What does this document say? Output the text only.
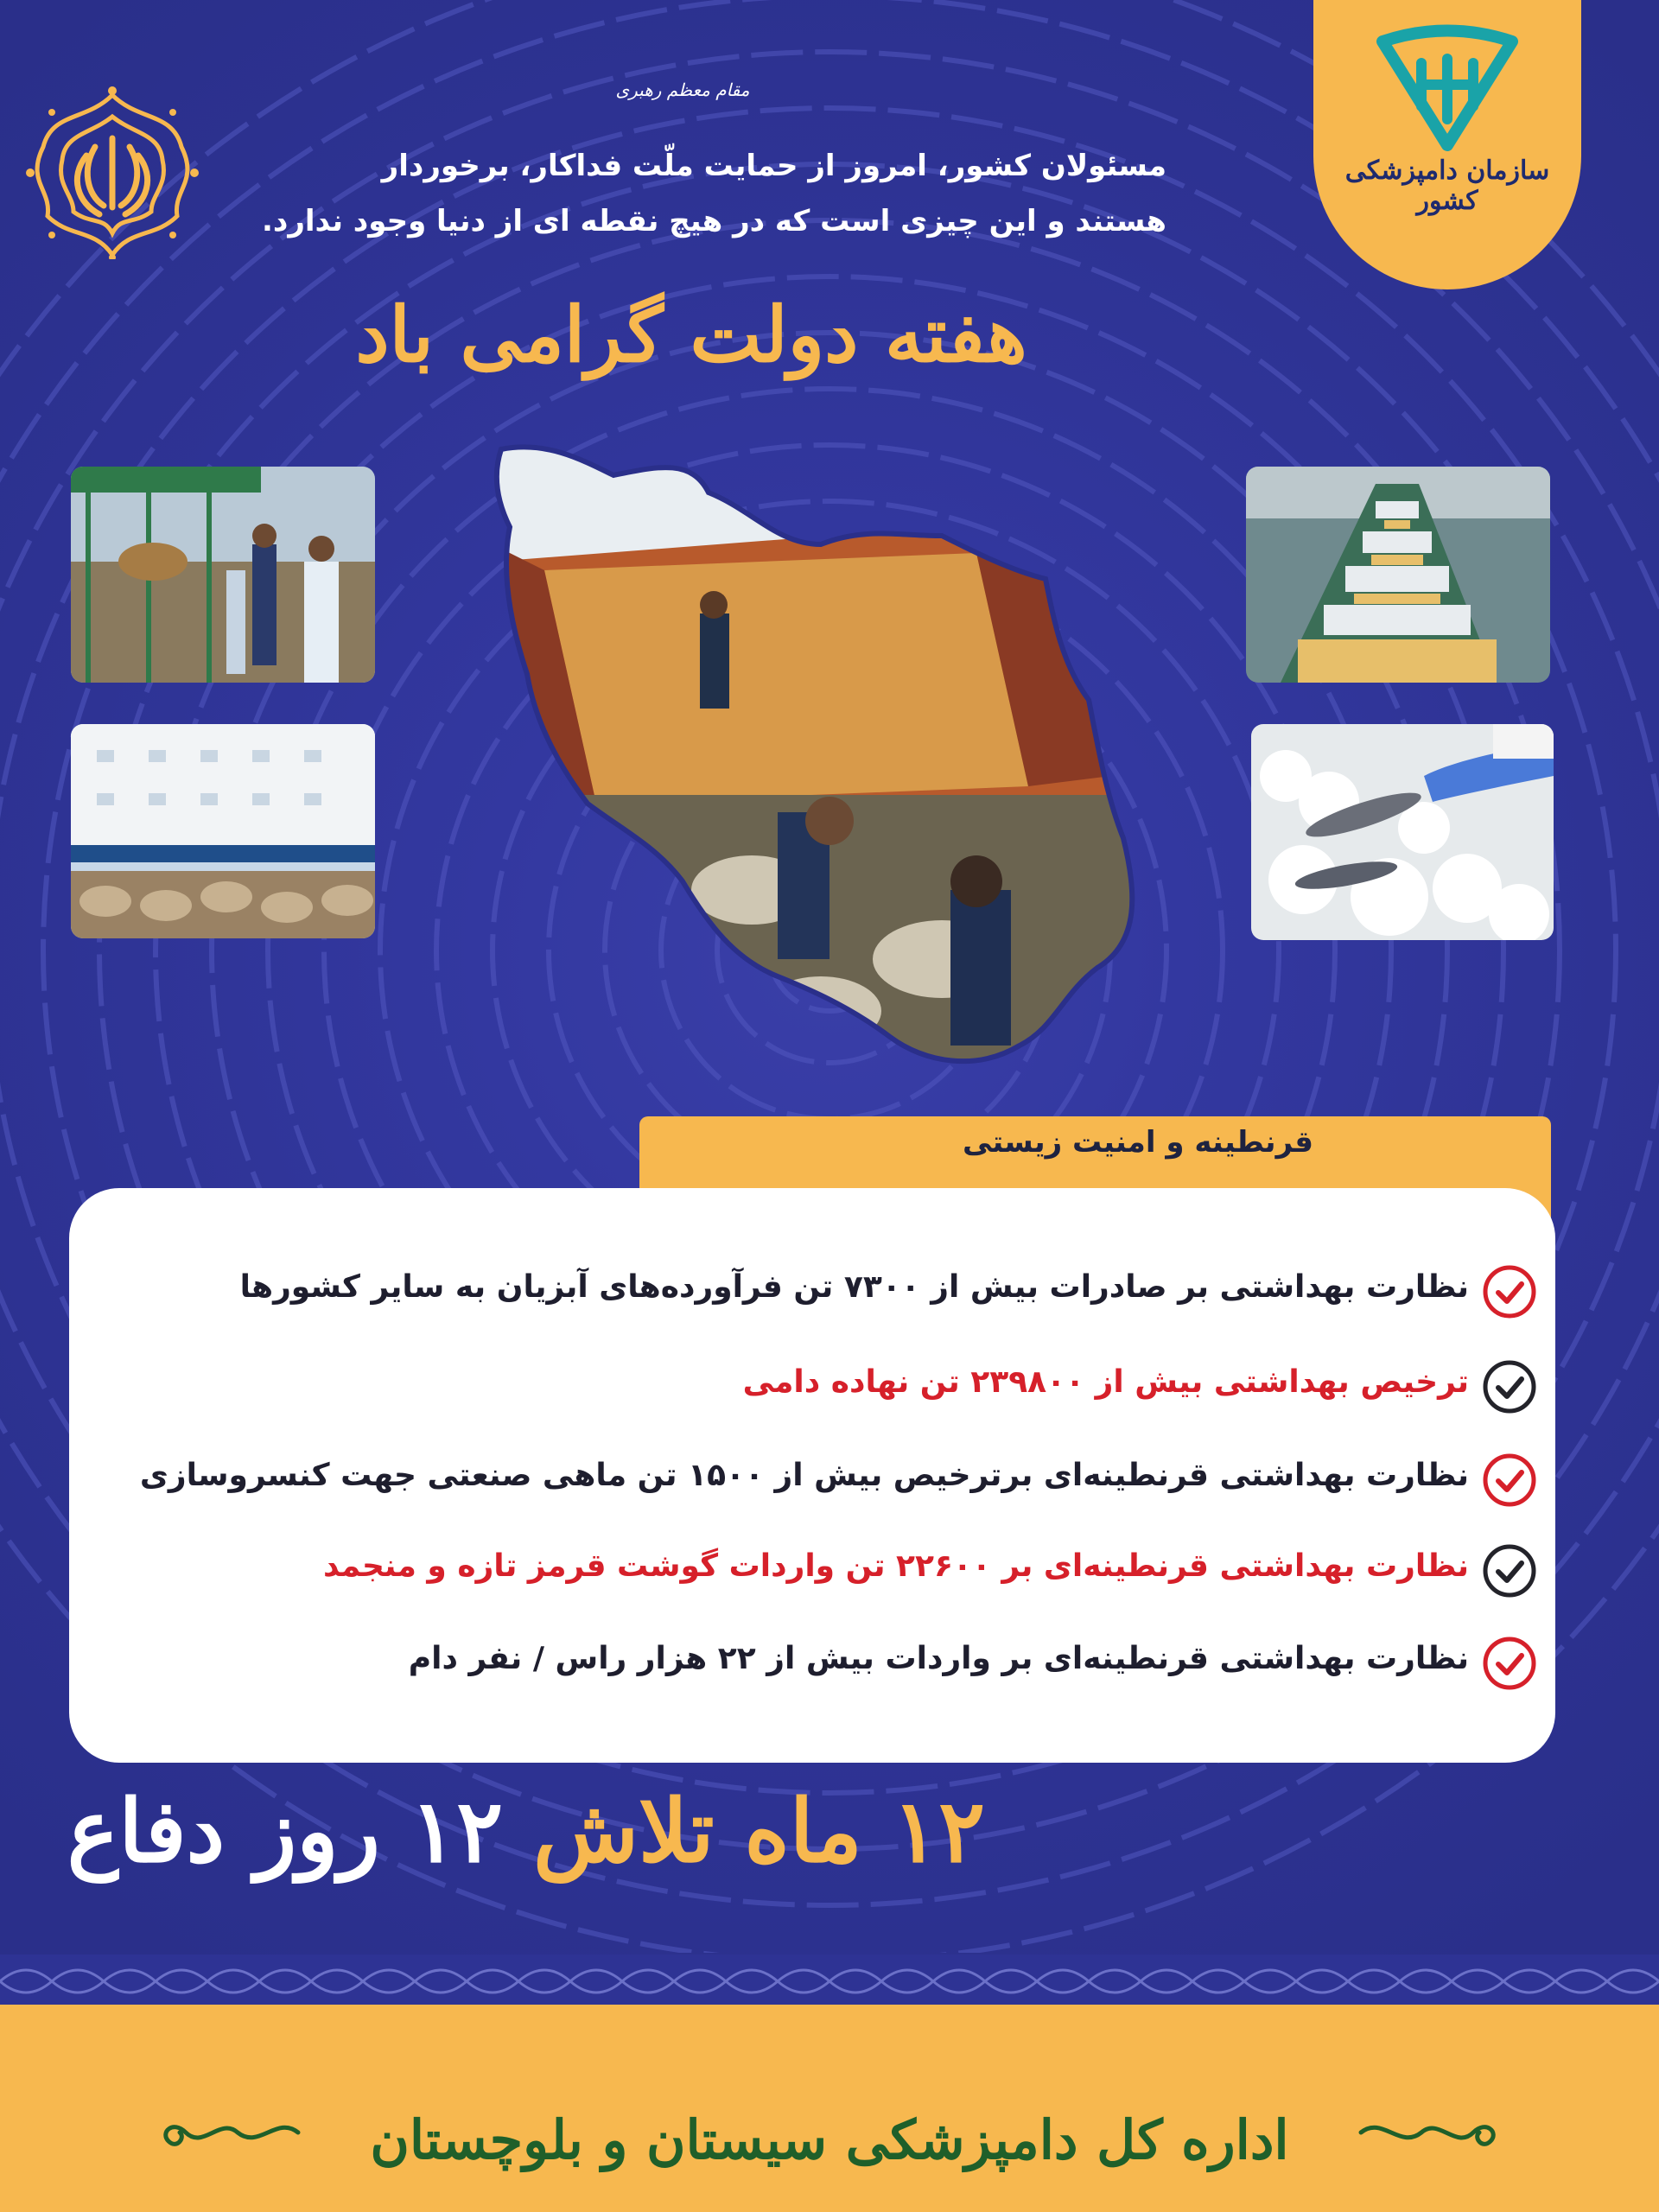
سازمان دامپزشکی کشور
مقام معظم رهبری
مسئولان کشور، امروز از حمایت ملّت فداکار، برخوردار
هستند و این چیزی است که در هیچ نقطه ای از دنیا وجود ندارد.
هفته دولت گرامی باد
قرنطینه و امنیت زیستی
نظارت بهداشتی بر صادرات بیش از ۷۳۰۰ تن فرآورده‌های آبزیان به سایر کشورها
ترخیص بهداشتی بیش از ۲۳۹۸۰۰ تن نهاده دامی
نظارت بهداشتی قرنطینه‌ای برترخیص بیش از ۱۵۰۰ تن ماهی صنعتی جهت کنسروسازی
نظارت بهداشتی قرنطینه‌ای بر ۲۲۶۰۰ تن واردات گوشت قرمز تازه و منجمد
نظارت بهداشتی قرنطینه‌ای بر واردات بیش از ۲۲ هزار راس / نفر دام
۱۲ ماه تلاش ۱۲ روز دفاع
اداره کل دامپزشکی سیستان و بلوچستان
